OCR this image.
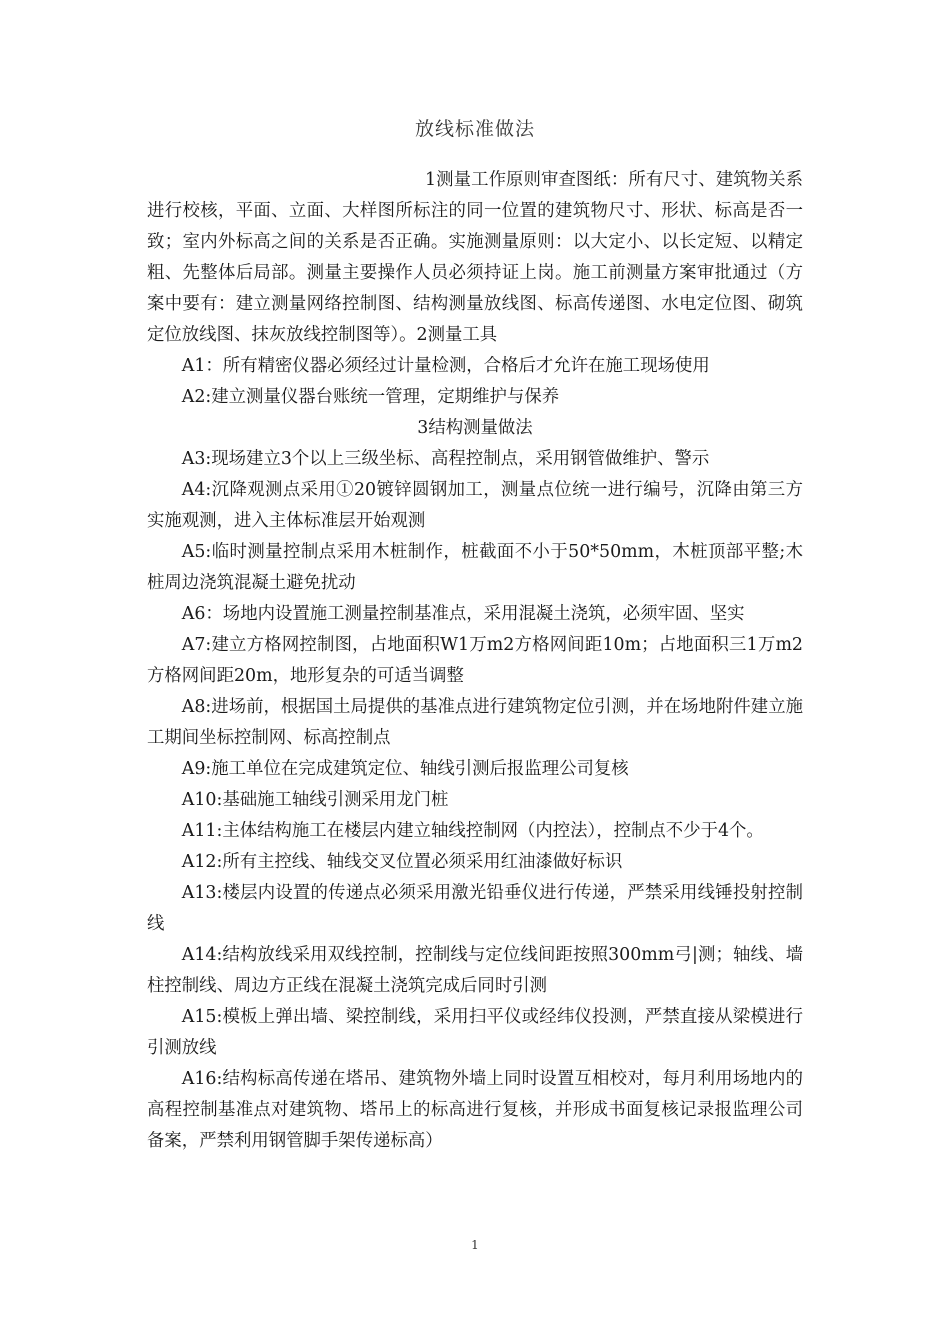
放线标准做法

1测量工作原则审查图纸：所有尺寸、建筑物关系进行校核，平面、立面、大样图所标注的同一位置的建筑物尺寸、形状、标高是否一致；室内外标高之间的关系是否正确。实施测量原则：以大定小、以长定短、以精定粗、先整体后局部。测量主要操作人员必须持证上岗。施工前测量方案审批通过（方案中要有：建立测量网络控制图、结构测量放线图、标高传递图、水电定位图、砌筑定位放线图、抹灰放线控制图等）。2测量工具

A1：所有精密仪器必须经过计量检测，合格后才允许在施工现场使用

A2:建立测量仪器台账统一管理，定期维护与保养

3结构测量做法

A3:现场建立3个以上三级坐标、高程控制点，采用钢管做维护、警示

A4:沉降观测点采用①20镀锌圆钢加工，测量点位统一进行编号，沉降由第三方实施观测，进入主体标准层开始观测

A5:临时测量控制点采用木桩制作，桩截面不小于50*50mm，木桩顶部平整;木桩周边浇筑混凝土避免扰动

A6：场地内设置施工测量控制基准点，采用混凝土浇筑，必须牢固、坚实

A7:建立方格网控制图，占地面积W1万m2方格网间距10m；占地面积三1万m2方格网间距20m，地形复杂的可适当调整

A8:进场前，根据国土局提供的基准点进行建筑物定位引测，并在场地附件建立施工期间坐标控制网、标高控制点

A9:施工单位在完成建筑定位、轴线引测后报监理公司复核

A10:基础施工轴线引测采用龙门桩

A11:主体结构施工在楼层内建立轴线控制网（内控法），控制点不少于4个。

A12:所有主控线、轴线交叉位置必须采用红油漆做好标识

A13:楼层内设置的传递点必须采用激光铅垂仪进行传递，严禁采用线锤投射控制线

A14:结构放线采用双线控制，控制线与定位线间距按照300mm弓|测；轴线、墙柱控制线、周边方正线在混凝土浇筑完成后同时引测

A15:模板上弹出墙、梁控制线，采用扫平仪或经纬仪投测，严禁直接从梁模进行引测放线

A16:结构标高传递在塔吊、建筑物外墙上同时设置互相校对，每月利用场地内的高程控制基准点对建筑物、塔吊上的标高进行复核，并形成书面复核记录报监理公司备案，严禁利用钢管脚手架传递标高）

1
